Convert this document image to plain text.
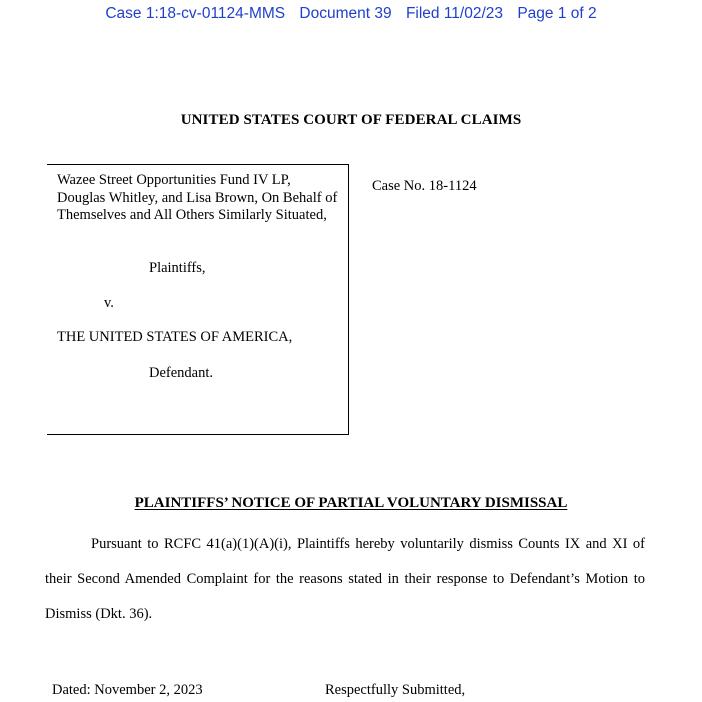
Case 1:18-cv-01124-MMS Document 39 Filed 11/02/23 Page 1 of 2
UNITED STATES COURT OF FEDERAL CLAIMS
Wazee Street Opportunities Fund IV LP, Douglas Whitley, and Lisa Brown, On Behalf of Themselves and All Others Similarly Situated,
Plaintiffs,
v.
THE UNITED STATES OF AMERICA,
Defendant.
Case No. 18-1124
PLAINTIFFS’ NOTICE OF PARTIAL VOLUNTARY DISMISSAL

Pursuant to RCFC 41(a)(1)(A)(i), Plaintiffs hereby voluntarily dismiss Counts IX and XI of their Second Amended Complaint for the reasons stated in their response to Defendant’s Motion to Dismiss (Dkt. 36).

Dated: November 2, 2023	Respectfully Submitted,
